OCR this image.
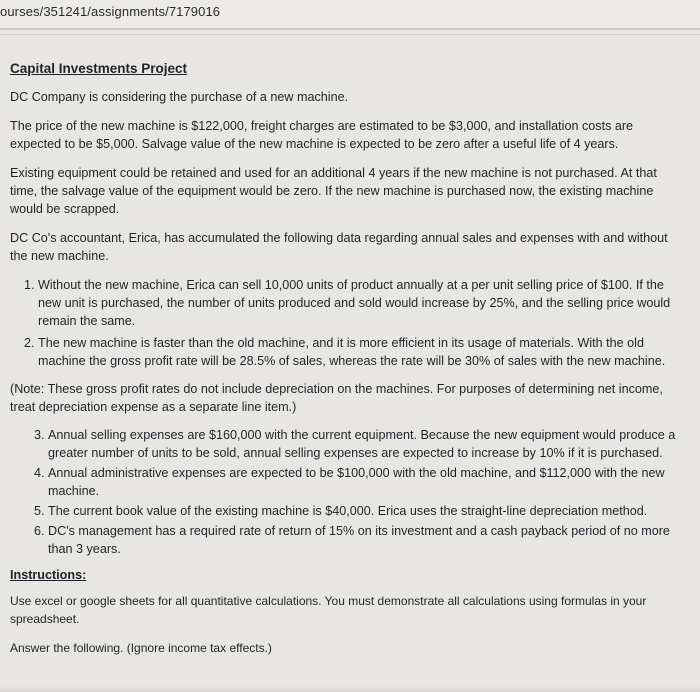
ourses/351241/assignments/7179016
Capital Investments Project

DC Company is considering the purchase of a new machine.

The price of the new machine is $122,000, freight charges are estimated to be $3,000, and installation costs are expected to be $5,000. Salvage value of the new machine is expected to be zero after a useful life of 4 years.

Existing equipment could be retained and used for an additional 4 years if the new machine is not purchased. At that time, the salvage value of the equipment would be zero. If the new machine is purchased now, the existing machine would be scrapped.

DC Co's accountant, Erica, has accumulated the following data regarding annual sales and expenses with and without the new machine.

1. Without the new machine, Erica can sell 10,000 units of product annually at a per unit selling price of $100. If the new unit is purchased, the number of units produced and sold would increase by 25%, and the selling price would remain the same.
2. The new machine is faster than the old machine, and it is more efficient in its usage of materials. With the old machine the gross profit rate will be 28.5% of sales, whereas the rate will be 30% of sales with the new machine.
(Note: These gross profit rates do not include depreciation on the machines. For purposes of determining net income, treat depreciation expense as a separate line item.)
3. Annual selling expenses are $160,000 with the current equipment. Because the new equipment would produce a greater number of units to be sold, annual selling expenses are expected to increase by 10% if it is purchased.
4. Annual administrative expenses are expected to be $100,000 with the old machine, and $112,000 with the new machine.
5. The current book value of the existing machine is $40,000. Erica uses the straight-line depreciation method.
6. DC's management has a required rate of return of 15% on its investment and a cash payback period of no more than 3 years.
Instructions:

Use excel or google sheets for all quantitative calculations. You must demonstrate all calculations using formulas in your spreadsheet.

Answer the following. (Ignore income tax effects.)
